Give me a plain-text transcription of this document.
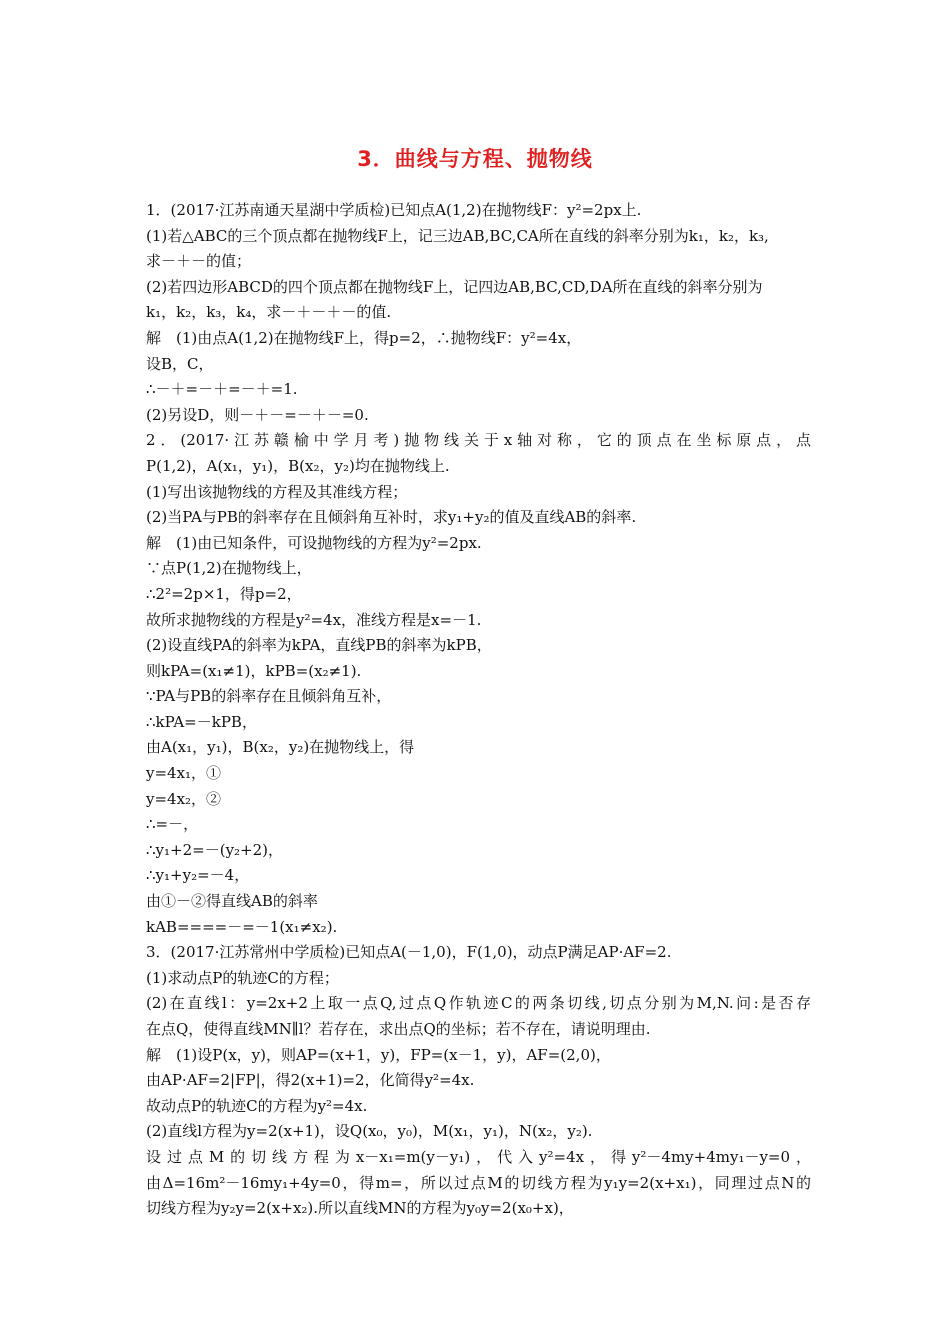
3．曲线与方程、抛物线
1．(2017·江苏南通天星湖中学质检)已知点A(1,2)在抛物线F：y²=2px上.
(1)若△ABC的三个顶点都在抛物线F上，记三边AB,BC,CA所在直线的斜率分别为k₁，k₂，k₃,
求－＋－的值；
(2)若四边形ABCD的四个顶点都在抛物线F上，记四边AB,BC,CD,DA所在直线的斜率分别为
k₁，k₂，k₃，k₄，求－＋－＋－的值.
解　(1)由点A(1,2)在抛物线F上，得p=2，∴抛物线F：y²=4x，
设B，C，
∴－＋=－＋=－＋=1.
(2)另设D，则－＋－=－＋－=0.
2．(2017·江苏赣榆中学月考)抛物线关于x轴对称，它的顶点在坐标原点，点
P(1,2)，A(x₁，y₁)，B(x₂，y₂)均在抛物线上.
(1)写出该抛物线的方程及其准线方程；
(2)当PA与PB的斜率存在且倾斜角互补时，求y₁+y₂的值及直线AB的斜率.
解　(1)由已知条件，可设抛物线的方程为y²=2px.
∵点P(1,2)在抛物线上，
∴2²=2p×1，得p=2，
故所求抛物线的方程是y²=4x，准线方程是x=－1.
(2)设直线PA的斜率为kPA，直线PB的斜率为kPB，
则kPA=(x₁≠1)，kPB=(x₂≠1).
∵PA与PB的斜率存在且倾斜角互补，
∴kPA=－kPB，
由A(x₁，y₁)，B(x₂，y₂)在抛物线上，得
y=4x₁，①
y=4x₂，②
∴=－，
∴y₁+2=－(y₂+2)，
∴y₁+y₂=－4，
由①－②得直线AB的斜率
kAB====－=－1(x₁≠x₂).
3．(2017·江苏常州中学质检)已知点A(－1,0)，F(1,0)，动点P满足AP·AF=2.
(1)求动点P的轨迹C的方程；
(2)在直线l：y=2x+2上取一点Q,过点Q作轨迹C的两条切线,切点分别为M,N.问:是否存
在点Q，使得直线MN∥l？若存在，求出点Q的坐标；若不存在，请说明理由.
解　(1)设P(x，y)，则AP=(x+1，y)，FP=(x－1，y)，AF=(2,0)，
由AP·AF=2|FP|，得2(x+1)=2，化简得y²=4x.
故动点P的轨迹C的方程为y²=4x.
(2)直线l方程为y=2(x+1)，设Q(x₀，y₀)，M(x₁，y₁)，N(x₂，y₂).
设过点M的切线方程为x－x₁=m(y－y₁)，代入y²=4x，得y²－4my+4my₁－y=0，
由Δ=16m²－16my₁+4y=0，得m=，所以过点M的切线方程为y₁y=2(x+x₁)，同理过点N的
切线方程为y₂y=2(x+x₂).所以直线MN的方程为y₀y=2(x₀+x)，
